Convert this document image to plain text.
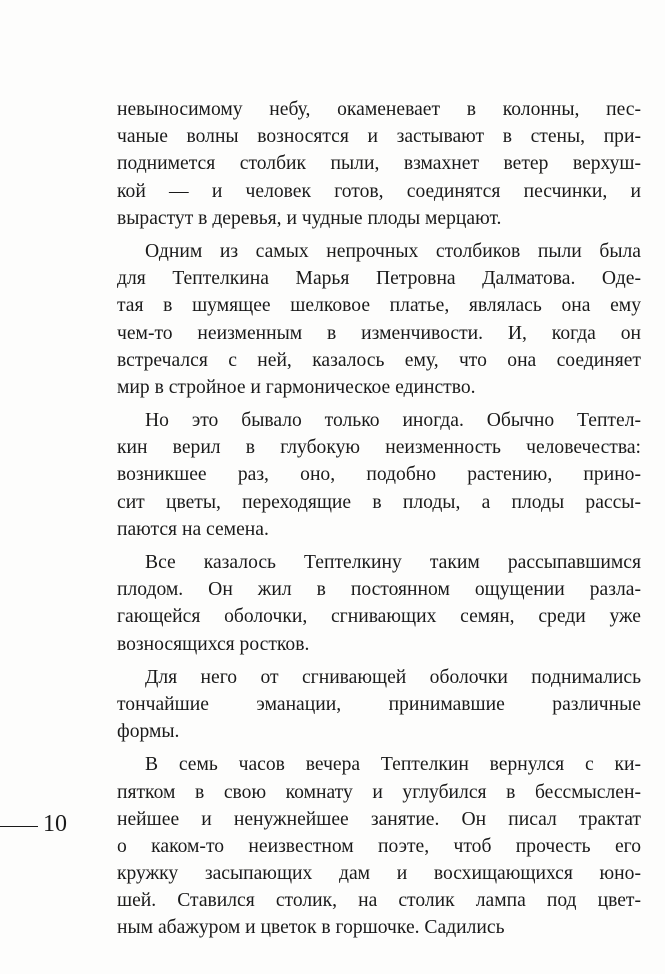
невыносимому небу, окаменевает в колонны, пес-
чаные волны возносятся и застывают в стены, при-
поднимется столбик пыли, взмахнет ветер верхуш-
кой — и человек готов, соединятся песчинки, и
вырастут в деревья, и чудные плоды мерцают.
Одним из самых непрочных столбиков пыли была
для Тептелкина Марья Петровна Далматова. Оде-
тая в шумящее шелковое платье, являлась она ему
чем-то неизменным в изменчивости. И, когда он
встречался с ней, казалось ему, что она соединяет
мир в стройное и гармоническое единство.
Но это бывало только иногда. Обычно Тептел-
кин верил в глубокую неизменность человечества:
возникшее раз, оно, подобно растению, прино-
сит цветы, переходящие в плоды, а плоды рассы-
паются на семена.
Все казалось Тептелкину таким рассыпавшимся
плодом. Он жил в постоянном ощущении разла-
гающейся оболочки, сгнивающих семян, среди уже
возносящихся ростков.
Для него от сгнивающей оболочки поднимались
тончайшие эманации, принимавшие различные
формы.
В семь часов вечера Тептелкин вернулся с ки-
пятком в свою комнату и углубился в бессмыслен-
нейшее и ненужнейшее занятие. Он писал трактат
о каком-то неизвестном поэте, чтоб прочесть его
кружку засыпающих дам и восхищающихся юно-
шей. Ставился столик, на столик лампа под цвет-
ным абажуром и цветок в горшочке. Садились
10
